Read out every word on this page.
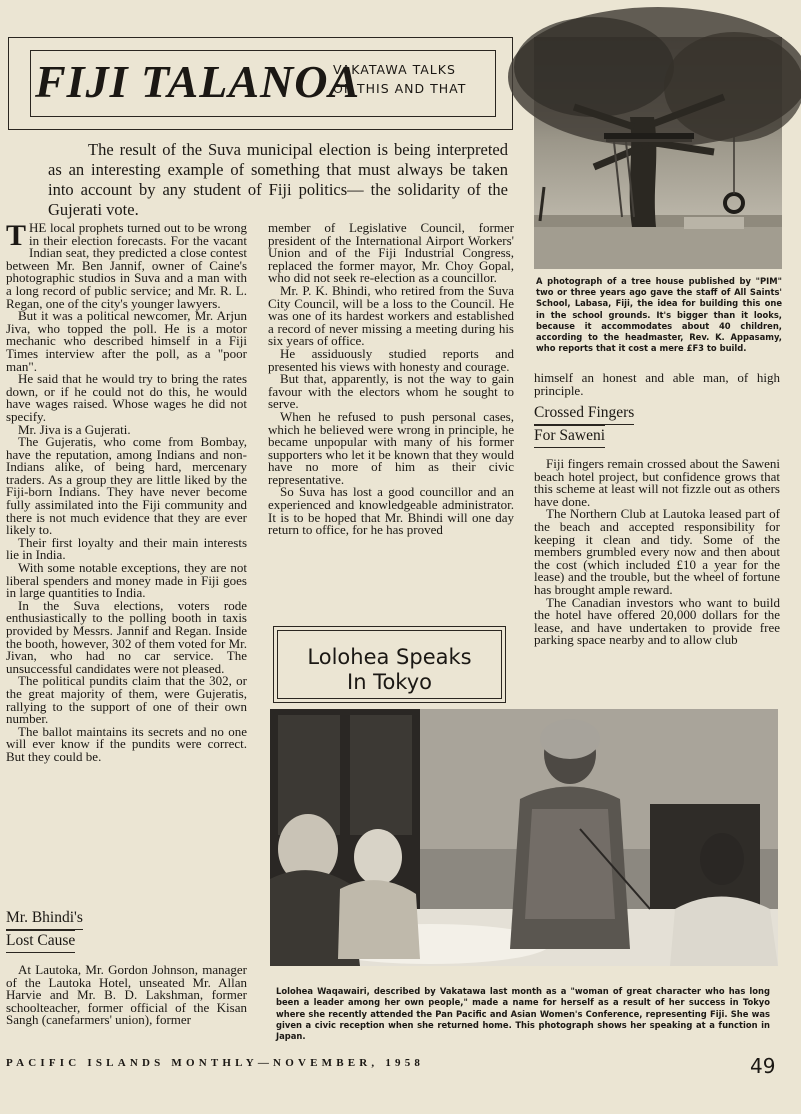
FIJI TALANOA
VAKATAWA TALKS
OF THIS AND THAT

The result of the Suva municipal election is being interpreted as an interesting example of something that must always be taken into account by any student of Fiji politics— the solidarity of the Gujerati vote.

T HE local prophets turned out to be wrong in their election forecasts. For the vacant Indian seat, they predicted a close contest between Mr. Ben Jannif, owner of Caine's photographic studios in Suva and a man with a long record of public service; and Mr. R. L. Regan, one of the city's younger lawyers.

But it was a political newcomer, Mr. Arjun Jiva, who topped the poll. He is a motor mechanic who described himself in a Fiji Times interview after the poll, as a "poor man".

He said that he would try to bring the rates down, or if he could not do this, he would have wages raised. Whose wages he did not specify.

Mr. Jiva is a Gujerati.

The Gujeratis, who come from Bombay, have the reputation, among Indians and non-Indians alike, of being hard, mercenary traders. As a group they are little liked by the Fiji-born Indians. They have never become fully assimilated into the Fiji community and there is not much evidence that they are ever likely to.

Their first loyalty and their main interests lie in India.

With some notable exceptions, they are not liberal spenders and money made in Fiji goes in large quantities to India.

In the Suva elections, voters rode enthusiastically to the polling booth in taxis provided by Messrs. Jannif and Regan. Inside the booth, however, 302 of them voted for Mr. Jivan, who had no car service. The unsuccessful candidates were not pleased.

The political pundits claim that the 302, or the great majority of them, were Gujeratis, rallying to the support of one of their own number.

The ballot maintains its secrets and no one will ever know if the pundits were correct. But they could be.

Mr. Bhindi's
Lost Cause

At Lautoka, Mr. Gordon Johnson, manager of the Lautoka Hotel, unseated Mr. Allan Harvie and Mr. B. D. Lakshman, former schoolteacher, former official of the Kisan Sangh (canefarmers' union), former

member of Legislative Council, former president of the International Airport Workers' Union and of the Fiji Industrial Congress, replaced the former mayor, Mr. Choy Gopal, who did not seek re-election as a councillor.

Mr. P. K. Bhindi, who retired from the Suva City Council, will be a loss to the Council. He was one of its hardest workers and established a record of never missing a meeting during his six years of office.

He assiduously studied reports and presented his views with honesty and courage.

But that, apparently, is not the way to gain favour with the electors whom he sought to serve.

When he refused to push personal cases, which he believed were wrong in principle, he became unpopular with many of his former supporters who let it be known that they would have no more of him as their civic representative.

So Suva has lost a good councillor and an experienced and knowledgeable administrator. It is to be hoped that Mr. Bhindi will one day return to office, for he has proved

Lolohea Speaks
In Tokyo
A photograph of a tree house published by "PIM" two or three years ago gave the staff of All Saints' School, Labasa, Fiji, the idea for building this one in the school grounds. It's bigger than it looks, because it accommodates about 40 children, according to the headmaster, Rev. K. Appasamy, who reports that it cost a mere £F3 to build.

himself an honest and able man, of high principle.

Crossed Fingers
For Saweni

Fiji fingers remain crossed about the Saweni beach hotel project, but confidence grows that this scheme at least will not fizzle out as others have done.

The Northern Club at Lautoka leased part of the beach and accepted responsibility for keeping it clean and tidy. Some of the members grumbled every now and then about the cost (which included £10 a year for the lease) and the trouble, but the wheel of fortune has brought ample reward.

The Canadian investors who want to build the hotel have offered 20,000 dollars for the lease, and have undertaken to provide free parking space nearby and to allow club

Lolohea Waqawairi, described by Vakatawa last month as a "woman of great character who has long been a leader among her own people," made a name for herself as a result of her success in Tokyo where she recently attended the Pan Pacific and Asian Women's Conference, representing Fiji. She was given a civic reception when she returned home. This photograph shows her speaking at a function in Japan.
PACIFIC ISLANDS MONTHLY—NOVEMBER, 1958	49
